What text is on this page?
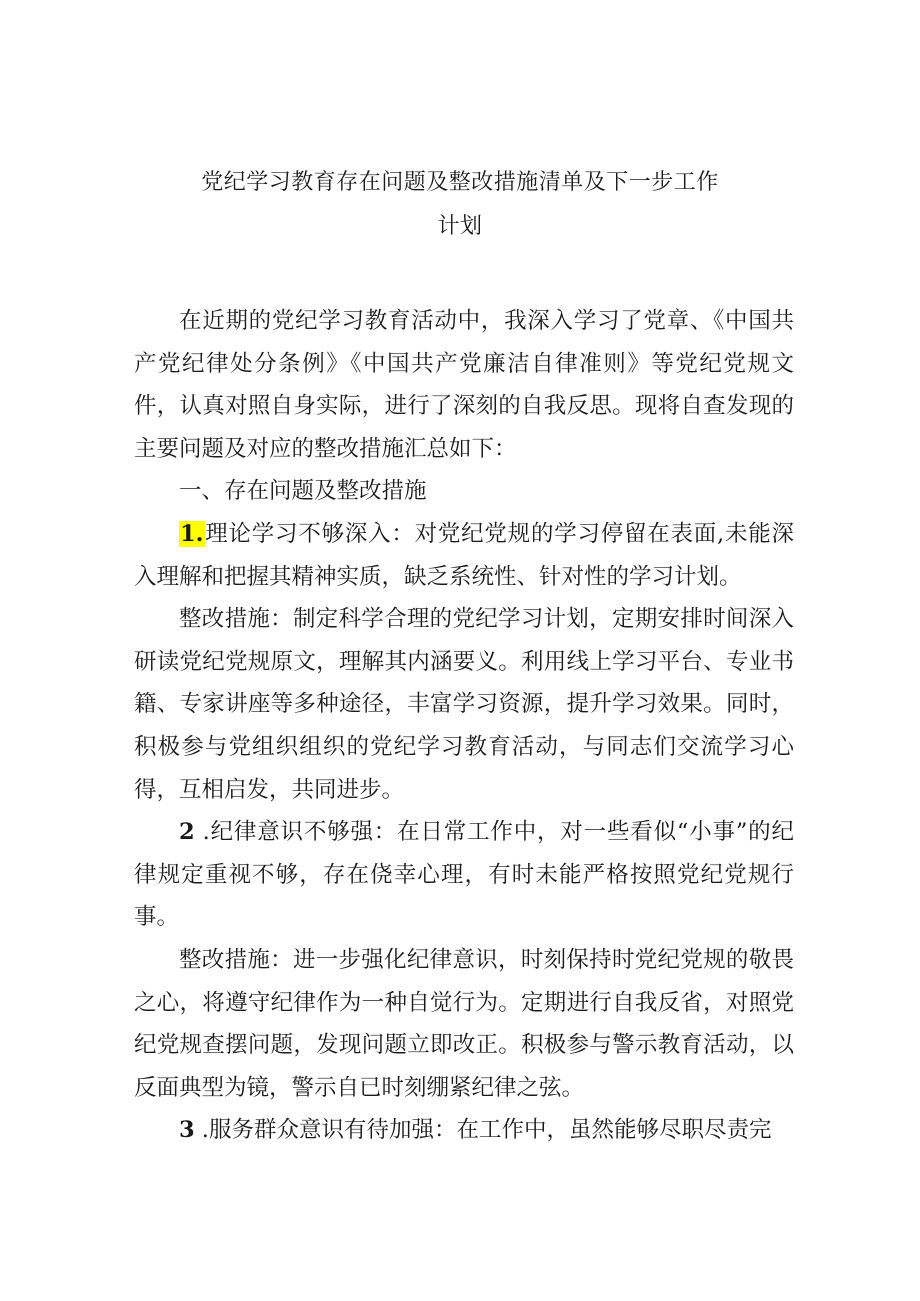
党纪学习教育存在问题及整改措施清单及下一步工作
计划

在近期的党纪学习教育活动中，我深入学习了党章、《中国共产党纪律处分条例》《中国共产党廉洁自律准则》等党纪党规文件，认真对照自身实际，进行了深刻的自我反思。现将自查发现的主要问题及对应的整改措施汇总如下：

一、存在问题及整改措施

1.理论学习不够深入：对党纪党规的学习停留在表面,未能深入理解和把握其精神实质，缺乏系统性、针对性的学习计划。

整改措施：制定科学合理的党纪学习计划，定期安排时间深入研读党纪党规原文，理解其内涵要义。利用线上学习平台、专业书籍、专家讲座等多种途径，丰富学习资源，提升学习效果。同时，积极参与党组织组织的党纪学习教育活动，与同志们交流学习心得，互相启发，共同进步。

2 .纪律意识不够强：在日常工作中，对一些看似“小事”的纪律规定重视不够，存在侥幸心理，有时未能严格按照党纪党规行事。

整改措施：进一步强化纪律意识，时刻保持时党纪党规的敬畏之心，将遵守纪律作为一种自觉行为。定期进行自我反省，对照党纪党规查摆问题，发现问题立即改正。积极参与警示教育活动，以反面典型为镜，警示自已时刻绷紧纪律之弦。

3 .服务群众意识有待加强：在工作中，虽然能够尽职尽责完
